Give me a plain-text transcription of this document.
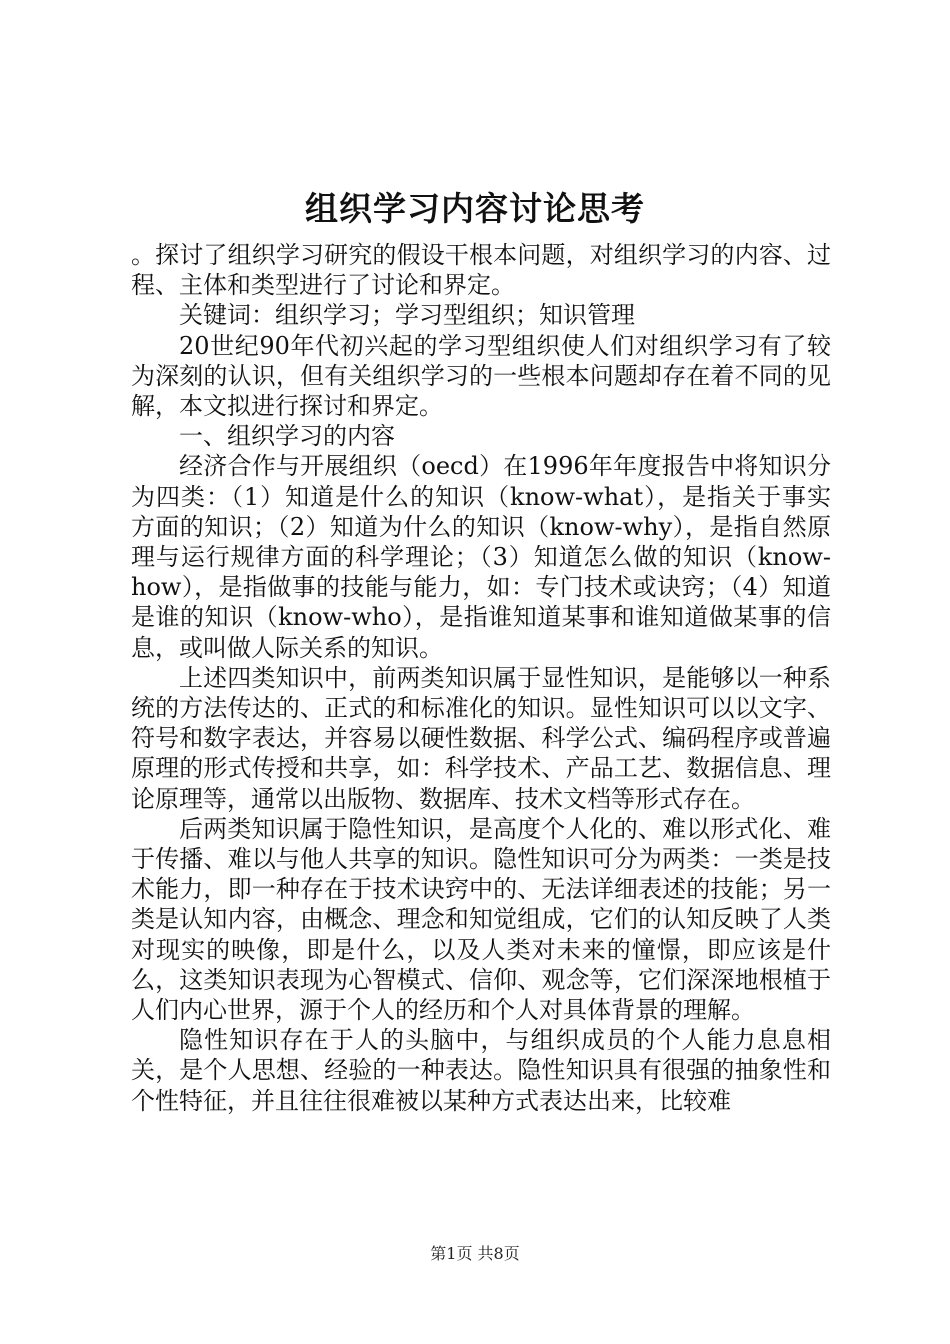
组织学习内容讨论思考

。探讨了组织学习研究的假设干根本问题，对组织学习的内容、过程、主体和类型进行了讨论和界定。

关键词：组织学习；学习型组织；知识管理

20世纪90年代初兴起的学习型组织使人们对组织学习有了较为深刻的认识，但有关组织学习的一些根本问题却存在着不同的见解，本文拟进行探讨和界定。

一、组织学习的内容

经济合作与开展组织（oecd）在1996年年度报告中将知识分为四类：（1）知道是什么的知识（know-what），是指关于事实方面的知识；（2）知道为什么的知识（know-why），是指自然原理与运行规律方面的科学理论；（3）知道怎么做的知识（know-how），是指做事的技能与能力，如：专门技术或诀窍；（4）知道是谁的知识（know-who），是指谁知道某事和谁知道做某事的信息，或叫做人际关系的知识。

上述四类知识中，前两类知识属于显性知识，是能够以一种系统的方法传达的、正式的和标准化的知识。显性知识可以以文字、符号和数字表达，并容易以硬性数据、科学公式、编码程序或普遍原理的形式传授和共享，如：科学技术、产品工艺、数据信息、理论原理等，通常以出版物、数据库、技术文档等形式存在。

后两类知识属于隐性知识，是高度个人化的、难以形式化、难于传播、难以与他人共享的知识。隐性知识可分为两类：一类是技术能力，即一种存在于技术诀窍中的、无法详细表述的技能；另一类是认知内容，由概念、理念和知觉组成，它们的认知反映了人类对现实的映像，即是什么，以及人类对未来的憧憬，即应该是什么，这类知识表现为心智模式、信仰、观念等，它们深深地根植于人们内心世界，源于个人的经历和个人对具体背景的理解。

隐性知识存在于人的头脑中，与组织成员的个人能力息息相关，是个人思想、经验的一种表达。隐性知识具有很强的抽象性和个性特征，并且往往很难被以某种方式表达出来，比较难

第1页 共8页
